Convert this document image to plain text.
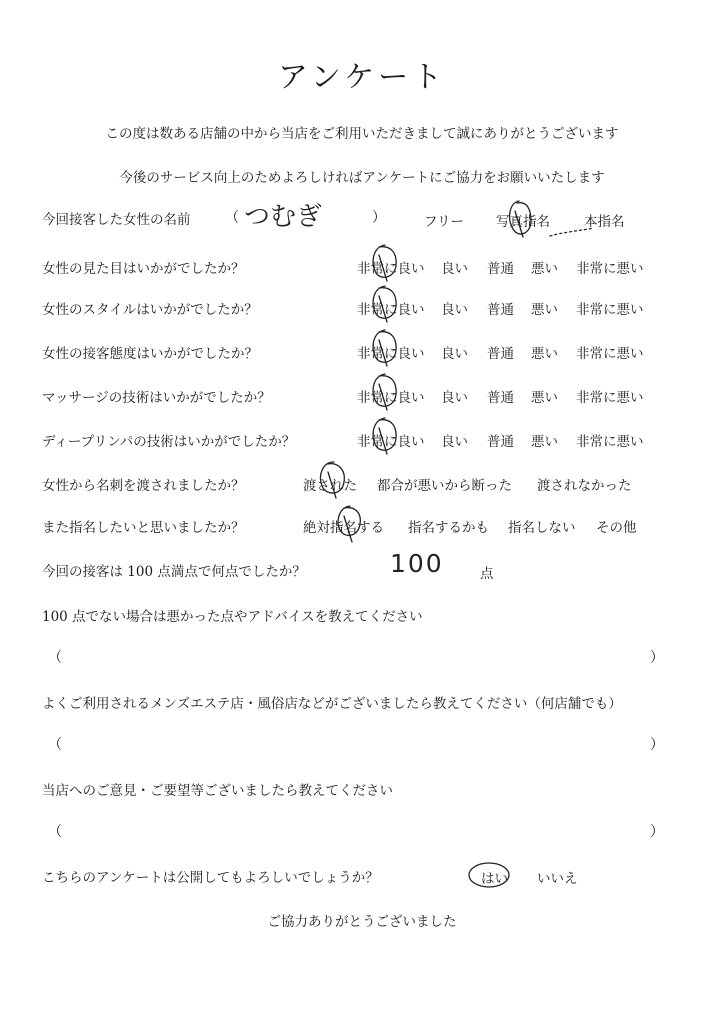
アンケート
この度は数ある店舗の中から当店をご利用いただきまして誠にありがとうございます
今後のサービス向上のためよろしければアンケートにご協力をお願いいたします
今回接客した女性の名前 （ つむぎ	）	フリー 写真指名	本指名
女性の見た目はいかがでしたか？	非常に良い 良い 普通 悪い 非常に悪い
女性のスタイルはいかがでしたか？	非常に良い 良い 普通 悪い 非常に悪い
女性の接客態度はいかがでしたか？	非常に良い 良い 普通 悪い 非常に悪い
マッサージの技術はいかがでしたか？	非常に良い 良い 普通 悪い 非常に悪い
ディープリンパの技術はいかがでしたか？	非常に良い 良い 普通 悪い 非常に悪い
女性から名刺を渡されましたか？	渡された 都合が悪いから断った 渡されなかった
また指名したいと思いましたか？	絶対指名する 指名するかも 指名しない その他
今回の接客は 100 点満点で何点でしたか？	100	点
100 点でない場合は悪かった点やアドバイスを教えてください
（	）
よくご利用されるメンズエステ店・風俗店などがございましたら教えてください（何店舗でも）
（	）
当店へのご意見・ご要望等ございましたら教えてください
（	）
こちらのアンケートは公開してもよろしいでしょうか？	はい いいえ
ご協力ありがとうございました
